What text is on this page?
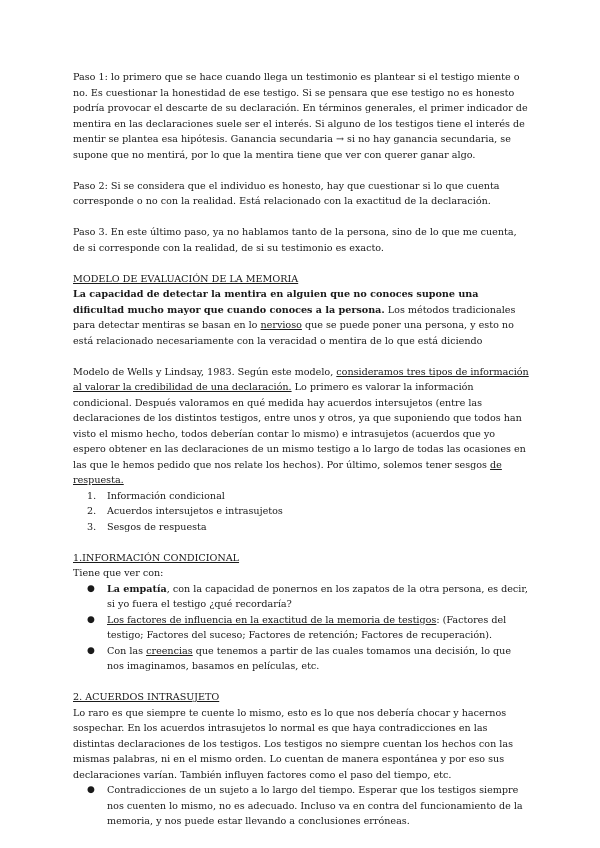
Paso 1: lo primero que se hace cuando llega un testimonio es plantear si el testigo miente o no. Es cuestionar la honestidad de ese testigo. Si se pensara que ese testigo no es honesto podría provocar el descarte de su declaración. En términos generales, el primer indicador de mentira en las declaraciones suele ser el interés. Si alguno de los testigos tiene el interés de mentir se plantea esa hipótesis. Ganancia secundaria → si no hay ganancia secundaria, se supone que no mentirá, por lo que la mentira tiene que ver con querer ganar algo.

Paso 2: Si se considera que el individuo es honesto, hay que cuestionar si lo que cuenta corresponde o no con la realidad. Está relacionado con la exactitud de la declaración.

Paso 3. En este último paso, ya no hablamos tanto de la persona, sino de lo que me cuenta, de si corresponde con la realidad, de si su testimonio es exacto.

MODELO DE EVALUACIÓN DE LA MEMORIA

La capacidad de detectar la mentira en alguien que no conoces supone una dificultad mucho mayor que cuando conoces a la persona. Los métodos tradicionales para detectar mentiras se basan en lo nervioso que se puede poner una persona, y esto no está relacionado necesariamente con la veracidad o mentira de lo que está diciendo

Modelo de Wells y Lindsay, 1983. Según este modelo, consideramos tres tipos de información al valorar la credibilidad de una declaración. Lo primero es valorar la información condicional. Después valoramos en qué medida hay acuerdos intersujetos (entre las declaraciones de los distintos testigos, entre unos y otros, ya que suponiendo que todos han visto el mismo hecho, todos deberían contar lo mismo) e intrasujetos (acuerdos que yo espero obtener en las declaraciones de un mismo testigo a lo largo de todas las ocasiones en las que le hemos pedido que nos relate los hechos). Por último, solemos tener sesgos de respuesta.

1. Información condicional
2. Acuerdos intersujetos e intrasujetos
3. Sesgos de respuesta

1.INFORMACIÓN CONDICIONAL

Tiene que ver con:

● La empatía, con la capacidad de ponernos en los zapatos de la otra persona, es decir, si yo fuera el testigo ¿qué recordaría?
● Los factores de influencia en la exactitud de la memoria de testigos: (Factores del testigo; Factores del suceso; Factores de retención; Factores de recuperación).
● Con las creencias que tenemos a partir de las cuales tomamos una decisión, lo que nos imaginamos, basamos en películas, etc.

2. ACUERDOS INTRASUJETO

Lo raro es que siempre te cuente lo mismo, esto es lo que nos debería chocar y hacernos sospechar. En los acuerdos intrasujetos lo normal es que haya contradicciones en las distintas declaraciones de los testigos. Los testigos no siempre cuentan los hechos con las mismas palabras, ni en el mismo orden. Lo cuentan de manera espontánea y por eso sus declaraciones varían. También influyen factores como el paso del tiempo, etc.

● Contradicciones de un sujeto a lo largo del tiempo. Esperar que los testigos siempre nos cuenten lo mismo, no es adecuado. Incluso va en contra del funcionamiento de la memoria, y nos puede estar llevando a conclusiones erróneas.
